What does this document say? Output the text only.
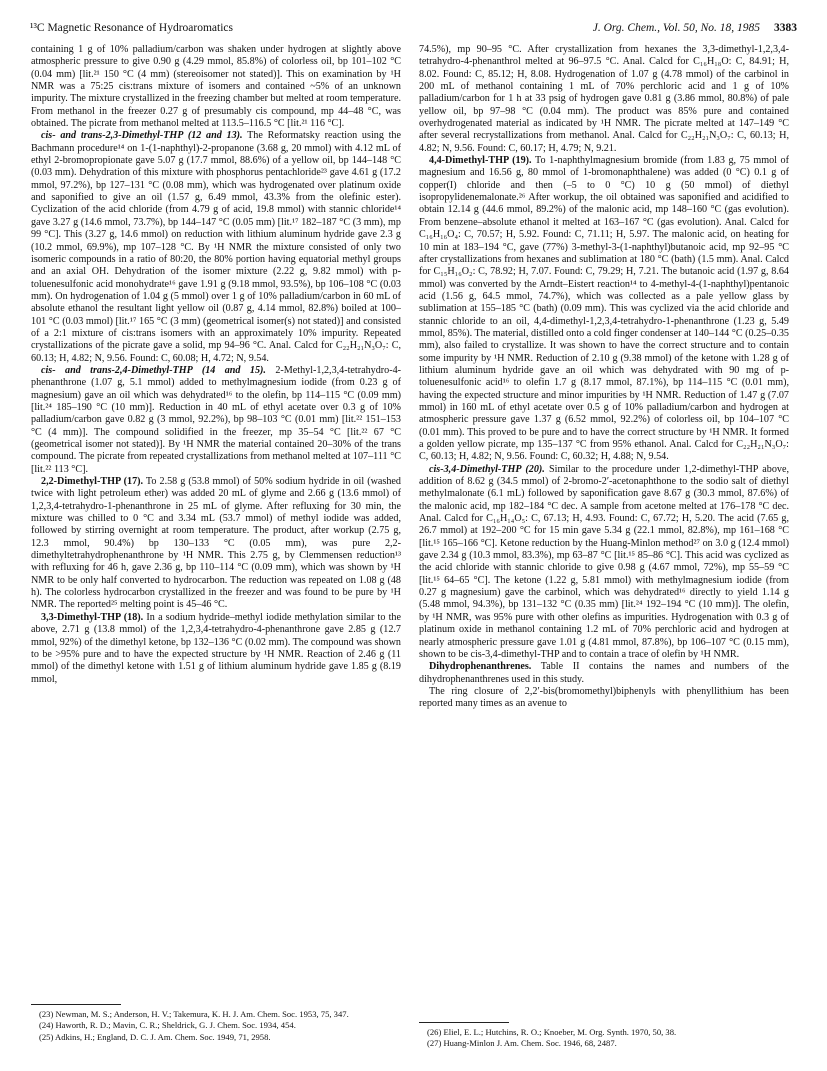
¹³C Magnetic Resonance of Hydroaromatics	J. Org. Chem., Vol. 50, No. 18, 1985 3383

containing 1 g of 10% palladium/carbon was shaken under hydrogen at slightly above atmospheric pressure to give 0.90 g (4.29 mmol, 85.8%) of colorless oil, bp 101–102 °C (0.04 mm) [lit.²¹ 150 °C (4 mm) (stereoisomer not stated)]. This on examination by ¹H NMR was a 75:25 cis:trans mixture of isomers and contained ~5% of an unknown impurity. The mixture crystallized in the freezing chamber but melted at room temperature. From methanol in the freezer 0.27 g of presumably cis compound, mp 44–48 °C, was obtained. The picrate from methanol melted at 113.5–116.5 °C [lit.²¹ 116 °C].

cis- and trans-2,3-Dimethyl-THP (12 and 13). The Reformatsky reaction using the Bachmann procedure¹⁴ on 1-(1-naphthyl)-2-propanone (3.68 g, 20 mmol) with 4.12 mL of ethyl 2-bromopropionate gave 5.07 g (17.7 mmol, 88.6%) of a yellow oil, bp 144–148 °C (0.03 mm). Dehydration of this mixture with phosphorus pentachloride²³ gave 4.61 g (17.2 mmol, 97.2%), bp 127–131 °C (0.08 mm), which was hydrogenated over platinum oxide and saponified to give an oil (1.57 g, 6.49 mmol, 43.3% from the olefinic ester). Cyclization of the acid chloride (from 4.79 g of acid, 19.8 mmol) with stannic chloride¹⁴ gave 3.27 g (14.6 mmol, 73.7%), bp 144–147 °C (0.05 mm) [lit.¹⁷ 182–187 °C (3 mm), mp 99 °C]. This (3.27 g, 14.6 mmol) on reduction with lithium aluminum hydride gave 2.3 g (10.2 mmol, 69.9%), mp 107–128 °C. By ¹H NMR the mixture consisted of only two isomeric compounds in a ratio of 80:20, the 80% portion having equatorial methyl groups and an axial OH. Dehydration of the isomer mixture (2.22 g, 9.82 mmol) with p-toluenesulfonic acid monohydrate¹⁶ gave 1.91 g (9.18 mmol, 93.5%), bp 106–108 °C (0.03 mm). On hydrogenation of 1.04 g (5 mmol) over 1 g of 10% palladium/carbon in 60 mL of absolute ethanol the resultant light yellow oil (0.87 g, 4.14 mmol, 82.8%) boiled at 100–101 °C (0.03 mmol) [lit.¹⁷ 165 °C (3 mm) (geometrical isomer(s) not stated)] and consisted of a 2:1 mixture of cis:trans isomers with an approximately 10% impurity. Repeated crystallizations of the picrate gave a solid, mp 94–96 °C. Anal. Calcd for C₂₂H₂₁N₃O₇: C, 60.13; H, 4.82; N, 9.56. Found: C, 60.08; H, 4.72; N, 9.54.

cis- and trans-2,4-Dimethyl-THP (14 and 15). 2-Methyl-1,2,3,4-tetrahydro-4-phenanthrone (1.07 g, 5.1 mmol) added to methylmagnesium iodide (from 0.23 g of magnesium) gave an oil which was dehydrated¹⁶ to the olefin, bp 114–115 °C (0.09 mm) [lit.²⁴ 185–190 °C (10 mm)]. Reduction in 40 mL of ethyl acetate over 0.3 g of 10% palladium/carbon gave 0.82 g (3 mmol, 92.2%), bp 98–103 °C (0.01 mm) [lit.²² 151–153 °C (4 mm)]. The compound solidified in the freezer, mp 35–54 °C [lit.²² 67 °C (geometrical isomer not stated)]. By ¹H NMR the material contained 20–30% of the trans compound. The picrate from repeated crystallizations from methanol melted at 107–111 °C [lit.²² 113 °C].

2,2-Dimethyl-THP (17). To 2.58 g (53.8 mmol) of 50% sodium hydride in oil (washed twice with light petroleum ether) was added 20 mL of glyme and 2.66 g (13.6 mmol) of 1,2,3,4-tetrahydro-1-phenanthrone in 25 mL of glyme. After refluxing for 30 min, the mixture was chilled to 0 °C and 3.34 mL (53.7 mmol) of methyl iodide was added, followed by stirring overnight at room temperature. The product, after workup (2.75 g, 12.3 mmol, 90.4%) bp 130–133 °C (0.05 mm), was pure 2,2-dimethyltetrahydrophenanthrone by ¹H NMR. This 2.75 g, by Clemmensen reduction¹³ with refluxing for 46 h, gave 2.36 g, bp 110–114 °C (0.09 mm), which was shown by ¹H NMR to be only half converted to hydrocarbon. The reduction was repeated on 1.08 g (48 h). The colorless hydrocarbon crystallized in the freezer and was found to be pure by ¹H NMR. The reported²⁵ melting point is 45–46 °C.

3,3-Dimethyl-THP (18). In a sodium hydride–methyl iodide methylation similar to the above, 2.71 g (13.8 mmol) of the 1,2,3,4-tetrahydro-4-phenanthrone gave 2.85 g (12.7 mmol, 92%) of the dimethyl ketone, bp 132–136 °C (0.02 mm). The compound was shown to be >95% pure and to have the expected structure by ¹H NMR. Reaction of 2.46 g (11 mmol) of the dimethyl ketone with 1.51 g of lithium aluminum hydride gave 1.85 g (8.19 mmol,

74.5%), mp 90–95 °C. After crystallization from hexanes the 3,3-dimethyl-1,2,3,4-tetrahydro-4-phenanthrol melted at 96–97.5 °C. Anal. Calcd for C₁₆H₁₈O: C, 84.91; H, 8.02. Found: C, 85.12; H, 8.08. Hydrogenation of 1.07 g (4.78 mmol) of the carbinol in 200 mL of methanol containing 1 mL of 70% perchloric acid and 1 g of 10% palladium/carbon for 1 h at 33 psig of hydrogen gave 0.81 g (3.86 mmol, 80.8%) of pale yellow oil, bp 97–98 °C (0.04 mm). The product was 85% pure and contained overhydrogenated material as indicated by ¹H NMR. The picrate melted at 147–149 °C after several recrystallizations from methanol. Anal. Calcd for C₂₂H₂₁N₃O₇: C, 60.13; H, 4.82; N, 9.56. Found: C, 60.17; H, 4.79; N, 9.21.

4,4-Dimethyl-THP (19). To 1-naphthylmagnesium bromide (from 1.83 g, 75 mmol of magnesium and 16.56 g, 80 mmol of 1-bromonaphthalene) was added (0 °C) 0.1 g of copper(I) chloride and then (–5 to 0 °C) 10 g (50 mmol) of diethyl isopropylidenemalonate.²⁶ After workup, the oil obtained was saponified and acidified to obtain 12.14 g (44.6 mmol, 89.2%) of the malonic acid, mp 148–160 °C (gas evolution). From benzene–absolute ethanol it melted at 163–167 °C (gas evolution). Anal. Calcd for C₁₆H₁₆O₄: C, 70.57; H, 5.92. Found: C, 71.11; H, 5.97. The malonic acid, on heating for 10 min at 183–194 °C, gave (77%) 3-methyl-3-(1-naphthyl)butanoic acid, mp 92–95 °C after crystallizations from hexanes and sublimation at 180 °C (bath) (1.5 mm). Anal. Calcd for C₁₅H₁₆O₂: C, 78.92; H, 7.07. Found: C, 79.29; H, 7.21. The butanoic acid (1.97 g, 8.64 mmol) was converted by the Arndt–Eistert reaction¹⁴ to 4-methyl-4-(1-naphthyl)pentanoic acid (1.56 g, 64.5 mmol, 74.7%), which was collected as a pale yellow glass by sublimation at 155–185 °C (bath) (0.09 mm). This was cyclized via the acid chloride and stannic chloride to an oil, 4,4-dimethyl-1,2,3,4-tetrahydro-1-phenanthrone (1.23 g, 5.49 mmol, 85%). The material, distilled onto a cold finger condenser at 140–144 °C (0.25–0.35 mm), also failed to crystallize. It was shown to have the correct structure and to contain some impurity by ¹H NMR. Reduction of 2.10 g (9.38 mmol) of the ketone with 1.28 g of lithium aluminum hydride gave an oil which was dehydrated with 90 mg of p-toluenesulfonic acid¹⁶ to olefin 1.7 g (8.17 mmol, 87.1%), bp 114–115 °C (0.01 mm), having the expected structure and minor impurities by ¹H NMR. Reduction of 1.47 g (7.07 mmol) in 160 mL of ethyl acetate over 0.5 g of 10% palladium/carbon and hydrogen at atmospheric pressure gave 1.37 g (6.52 mmol, 92.2%) of colorless oil, bp 104–107 °C (0.01 mm). This proved to be pure and to have the correct structure by ¹H NMR. It formed a golden yellow picrate, mp 135–137 °C from 95% ethanol. Anal. Calcd for C₂₂H₂₁N₃O₇: C, 60.13; H, 4.82; N, 9.56. Found: C, 60.32; H, 4.88; N, 9.54.

cis-3,4-Dimethyl-THP (20). Similar to the procedure under 1,2-dimethyl-THP above, addition of 8.62 g (34.5 mmol) of 2-bromo-2′-acetonaphthone to the sodio salt of diethyl methylmalonate (6.1 mL) followed by saponification gave 8.67 g (30.3 mmol, 87.6%) of the malonic acid, mp 182–184 °C dec. A sample from acetone melted at 176–178 °C dec. Anal. Calcd for C₁₆H₁₄O₅: C, 67.13; H, 4.93. Found: C, 67.72; H, 5.20. The acid (7.65 g, 26.7 mmol) at 192–200 °C for 15 min gave 5.34 g (22.1 mmol, 82.8%), mp 161–168 °C [lit.¹⁵ 165–166 °C]. Ketone reduction by the Huang-Minlon method²⁷ on 3.0 g (12.4 mmol) gave 2.34 g (10.3 mmol, 83.3%), mp 63–87 °C [lit.¹⁵ 85–86 °C]. This acid was cyclized as the acid chloride with stannic chloride to give 0.98 g (4.67 mmol, 72%), mp 55–59 °C [lit.¹⁵ 64–65 °C]. The ketone (1.22 g, 5.81 mmol) with methylmagnesium iodide (from 0.27 g magnesium) gave the carbinol, which was dehydrated¹⁶ directly to yield 1.14 g (5.48 mmol, 94.3%), bp 131–132 °C (0.35 mm) [lit.²⁴ 192–194 °C (10 mm)]. The olefin, by ¹H NMR, was 95% pure with other olefins as impurities. Hydrogenation with 0.3 g of platinum oxide in methanol containing 1.2 mL of 70% perchloric acid and hydrogen at nearly atmospheric pressure gave 1.01 g (4.81 mmol, 87.8%), bp 106–107 °C (0.15 mm), shown to be cis-3,4-dimethyl-THP and to contain a trace of olefin by ¹H NMR.

Dihydrophenanthrenes. Table II contains the names and numbers of the dihydrophenanthrenes used in this study.

The ring closure of 2,2′-bis(bromomethyl)biphenyls with phenyllithium has been reported many times as an avenue to

(23) Newman, M. S.; Anderson, H. V.; Takemura, K. H. J. Am. Chem. Soc. 1953, 75, 347.

(24) Haworth, R. D.; Mavin, C. R.; Sheldrick, G. J. Chem. Soc. 1934, 454.

(25) Adkins, H.; England, D. C. J. Am. Chem. Soc. 1949, 71, 2958.	(26) Eliel, E. L.; Hutchins, R. O.; Knoeber, M. Org. Synth. 1970, 50, 38.

(27) Huang-Minlon J. Am. Chem. Soc. 1946, 68, 2487.
